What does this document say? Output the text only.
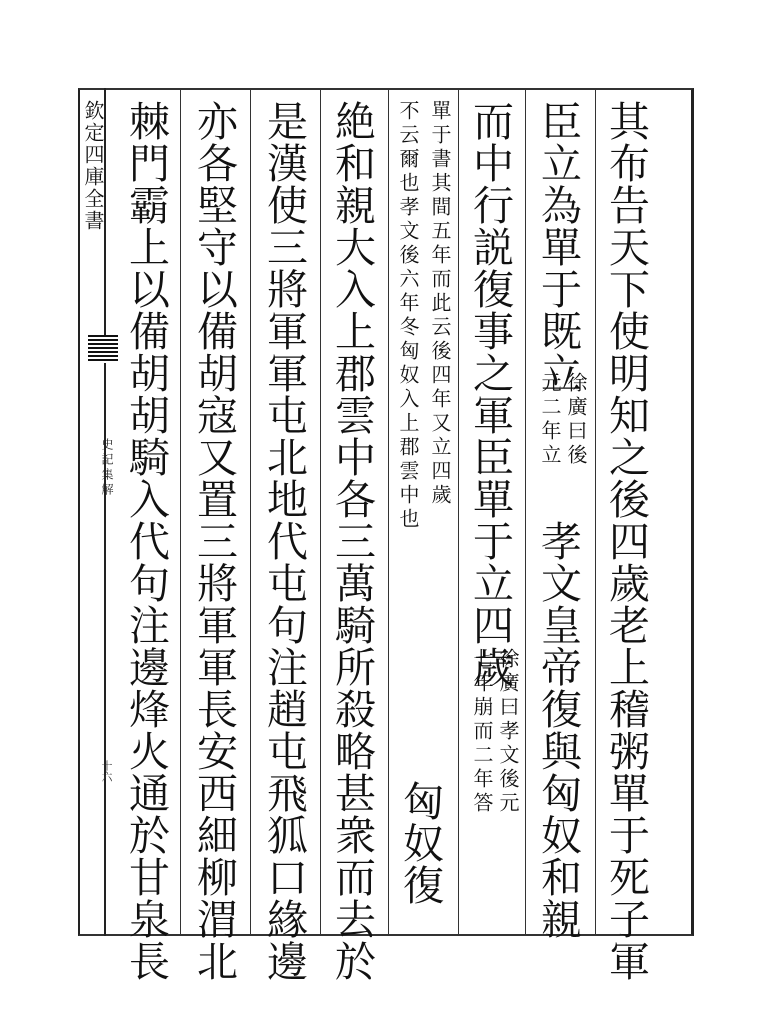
欽定四庫全書
史記集解
十六	其布告天下使明知之後四歲老上稽粥單于死子軍
臣立為單于既立
徐廣曰後
元二年立
孝文皇帝復與匈奴和親
而中行説復事之軍臣單于立四歲
徐廣曰孝文後元
七年崩而二年答
單于書其間五年而此云後四年又立四歲
不云爾也孝文後六年冬匈奴入上郡雲中也
匈奴復
絶和親大入上郡雲中各三萬騎所殺略甚衆而去於
是漢使三將軍軍屯北地代屯句注趙屯飛狐口緣邊
亦各堅守以備胡寇又置三將軍軍長安西細柳渭北
棘門霸上以備胡胡騎入代句注邊烽火通於甘泉長
